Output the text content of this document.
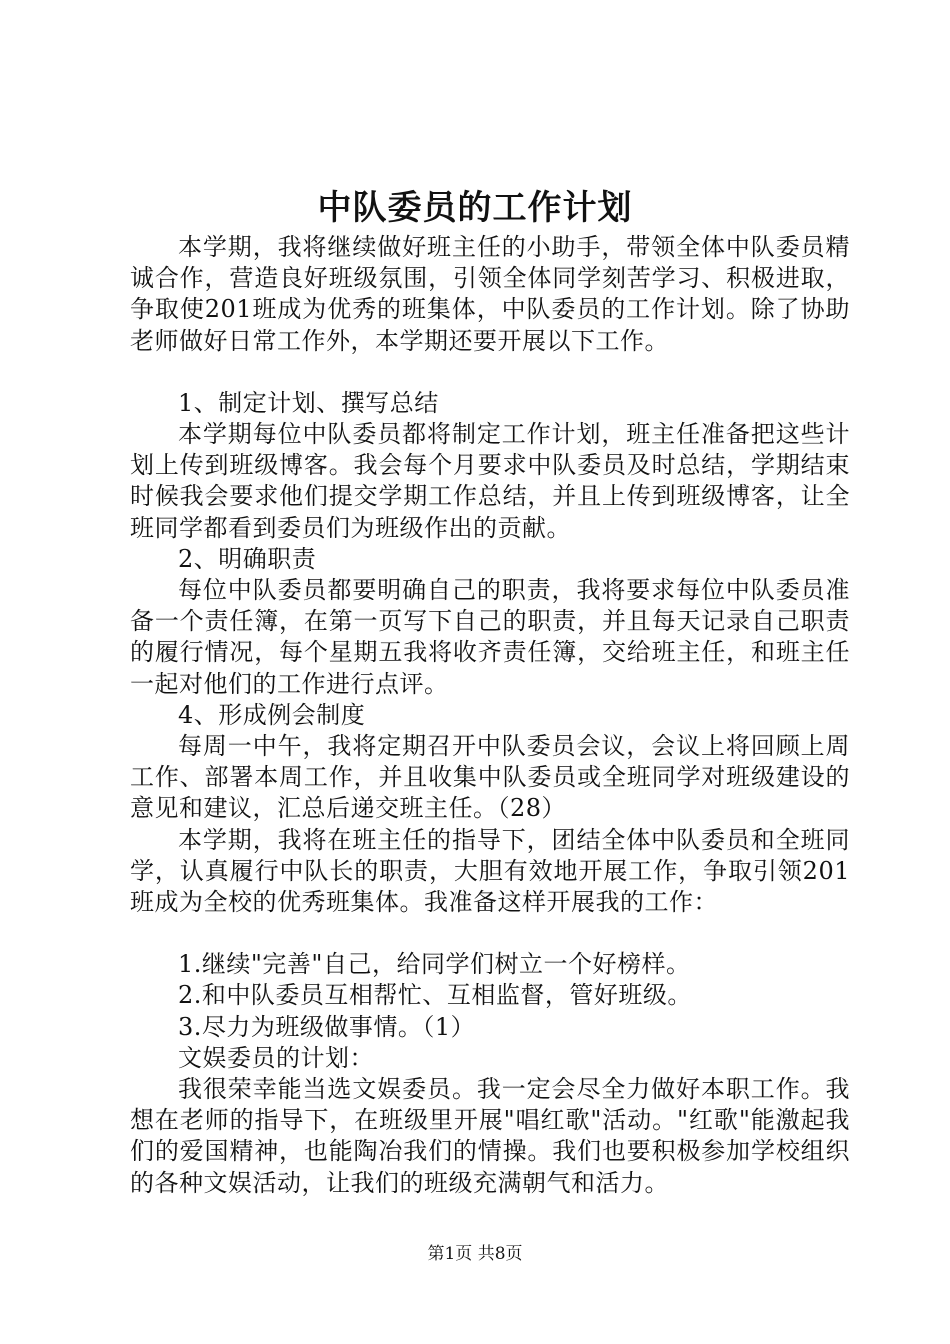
中队委员的工作计划

本学期，我将继续做好班主任的小助手，带领全体中队委员精诚合作，营造良好班级氛围，引领全体同学刻苦学习、积极进取，争取使201班成为优秀的班集体，中队委员的工作计划。除了协助老师做好日常工作外，本学期还要开展以下工作。

1、制定计划、撰写总结

本学期每位中队委员都将制定工作计划，班主任准备把这些计划上传到班级博客。我会每个月要求中队委员及时总结，学期结束时候我会要求他们提交学期工作总结，并且上传到班级博客，让全班同学都看到委员们为班级作出的贡献。

2、明确职责

每位中队委员都要明确自己的职责，我将要求每位中队委员准备一个责任簿，在第一页写下自己的职责，并且每天记录自己职责的履行情况，每个星期五我将收齐责任簿，交给班主任，和班主任一起对他们的工作进行点评。

4、形成例会制度

每周一中午，我将定期召开中队委员会议，会议上将回顾上周工作、部署本周工作，并且收集中队委员或全班同学对班级建设的意见和建议，汇总后递交班主任。（28）

本学期，我将在班主任的指导下，团结全体中队委员和全班同学，认真履行中队长的职责，大胆有效地开展工作，争取引领201班成为全校的优秀班集体。我准备这样开展我的工作：

1.继续"完善"自己，给同学们树立一个好榜样。

2.和中队委员互相帮忙、互相监督，管好班级。

3.尽力为班级做事情。（1）

文娱委员的计划：

我很荣幸能当选文娱委员。我一定会尽全力做好本职工作。我想在老师的指导下，在班级里开展"唱红歌"活动。"红歌"能激起我们的爱国精神，也能陶冶我们的情操。我们也要积极参加学校组织的各种文娱活动，让我们的班级充满朝气和活力。

第1页 共8页
